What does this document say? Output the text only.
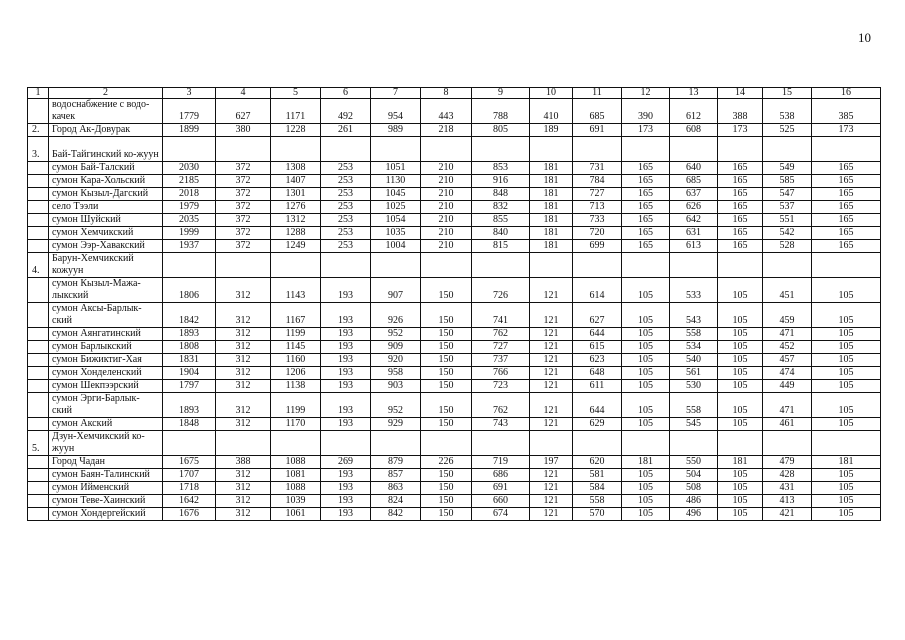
10
1	2	3	4	5	6	7	8	9	10	11	12	13	14	15	16
	водоснабжение с водо-качек	1779	627	1171	492	954	443	788	410	685	390	612	388	538	385
2.	Город Ак-Довурак	1899	380	1228	261	989	218	805	189	691	173	608	173	525	173
3.	Бай-Тайгинский ко-жуун														
	сумон Бай-Талский	2030	372	1308	253	1051	210	853	181	731	165	640	165	549	165
	сумон Кара-Хольский	2185	372	1407	253	1130	210	916	181	784	165	685	165	585	165
	сумон Кызыл-Дагский	2018	372	1301	253	1045	210	848	181	727	165	637	165	547	165
	село Тээли	1979	372	1276	253	1025	210	832	181	713	165	626	165	537	165
	сумон Шуйский	2035	372	1312	253	1054	210	855	181	733	165	642	165	551	165
	сумон Хемчикский	1999	372	1288	253	1035	210	840	181	720	165	631	165	542	165
	сумон Ээр-Хавакский	1937	372	1249	253	1004	210	815	181	699	165	613	165	528	165
4.	Барун-Хемчикский кожуун														
	сумон Кызыл-Мажа-лыкский	1806	312	1143	193	907	150	726	121	614	105	533	105	451	105
	сумон Аксы-Барлык-ский	1842	312	1167	193	926	150	741	121	627	105	543	105	459	105
	сумон Аянгатинский	1893	312	1199	193	952	150	762	121	644	105	558	105	471	105
	сумон Барлыкский	1808	312	1145	193	909	150	727	121	615	105	534	105	452	105
	сумон Бижиктиг-Хая	1831	312	1160	193	920	150	737	121	623	105	540	105	457	105
	сумон Хонделенский	1904	312	1206	193	958	150	766	121	648	105	561	105	474	105
	сумон Шекпээрский	1797	312	1138	193	903	150	723	121	611	105	530	105	449	105
	сумон Эрги-Барлык-ский	1893	312	1199	193	952	150	762	121	644	105	558	105	471	105
	сумон Акский	1848	312	1170	193	929	150	743	121	629	105	545	105	461	105
5.	Дзун-Хемчикский ко-жуун														
	Город Чадан	1675	388	1088	269	879	226	719	197	620	181	550	181	479	181
	сумон Баян-Талинский	1707	312	1081	193	857	150	686	121	581	105	504	105	428	105
	сумон Ийменский	1718	312	1088	193	863	150	691	121	584	105	508	105	431	105
	сумон Теве-Хаинский	1642	312	1039	193	824	150	660	121	558	105	486	105	413	105
	сумон Хондергейский	1676	312	1061	193	842	150	674	121	570	105	496	105	421	105
